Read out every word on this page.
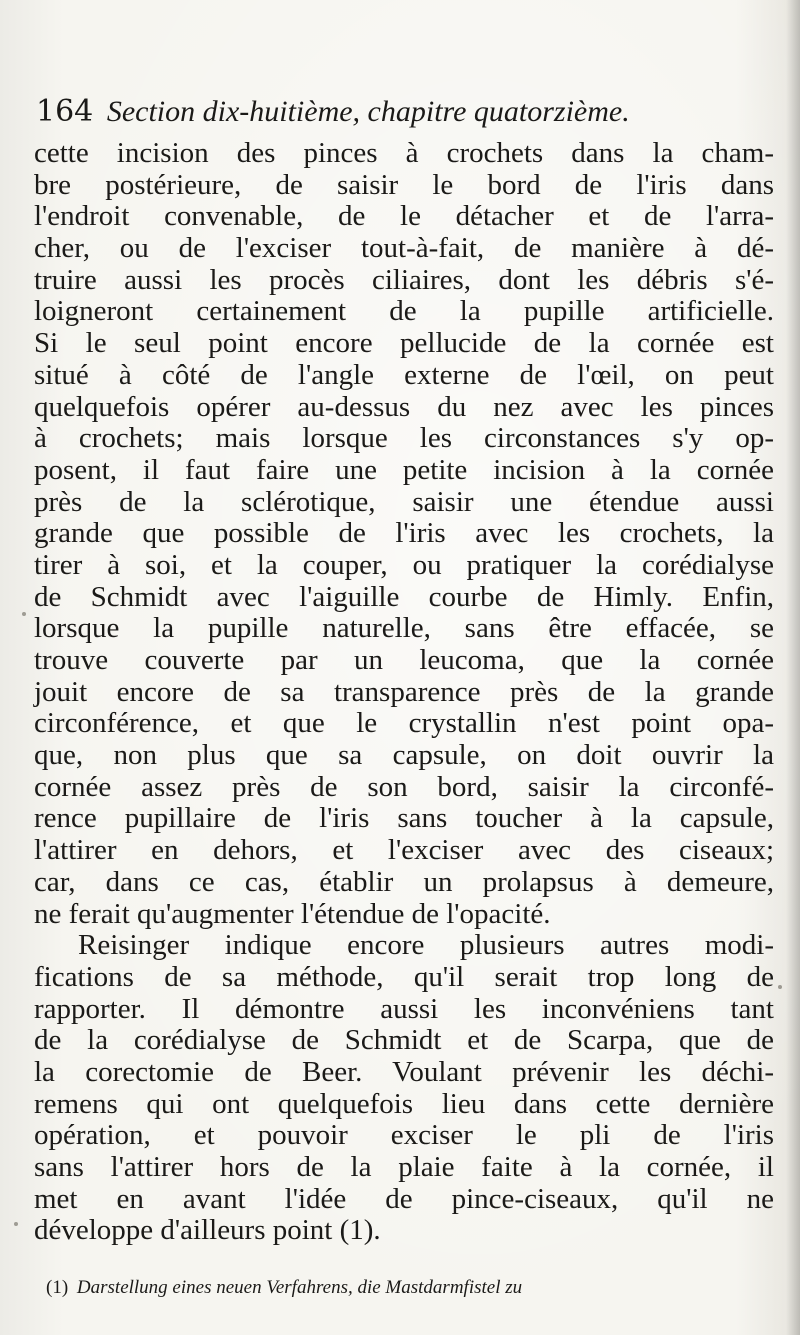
164 Section dix-huitième, chapitre quatorzième.
cette incision des pinces à crochets dans la cham-
bre postérieure, de saisir le bord de l'iris dans
l'endroit convenable, de le détacher et de l'arra-
cher, ou de l'exciser tout-à-fait, de manière à dé-
truire aussi les procès ciliaires, dont les débris s'é-
loigneront certainement de la pupille artificielle.
Si le seul point encore pellucide de la cornée est
situé à côté de l'angle externe de l'œil, on peut
quelquefois opérer au-dessus du nez avec les pinces
à crochets; mais lorsque les circonstances s'y op-
posent, il faut faire une petite incision à la cornée
près de la sclérotique, saisir une étendue aussi
grande que possible de l'iris avec les crochets, la
tirer à soi, et la couper, ou pratiquer la corédialyse
de Schmidt avec l'aiguille courbe de Himly. Enfin,
lorsque la pupille naturelle, sans être effacée, se
trouve couverte par un leucoma, que la cornée
jouit encore de sa transparence près de la grande
circonférence, et que le crystallin n'est point opa-
que, non plus que sa capsule, on doit ouvrir la
cornée assez près de son bord, saisir la circonfé-
rence pupillaire de l'iris sans toucher à la capsule,
l'attirer en dehors, et l'exciser avec des ciseaux;
car, dans ce cas, établir un prolapsus à demeure,
ne ferait qu'augmenter l'étendue de l'opacité.
Reisinger indique encore plusieurs autres modi-
fications de sa méthode, qu'il serait trop long de
rapporter. Il démontre aussi les inconvéniens tant
de la corédialyse de Schmidt et de Scarpa, que de
la corectomie de Beer. Voulant prévenir les déchi-
remens qui ont quelquefois lieu dans cette dernière
opération, et pouvoir exciser le pli de l'iris
sans l'attirer hors de la plaie faite à la cornée, il
met en avant l'idée de pince-ciseaux, qu'il ne
développe d'ailleurs point (1).
(1) Darstellung eines neuen Verfahrens, die Mastdarmfistel zu
